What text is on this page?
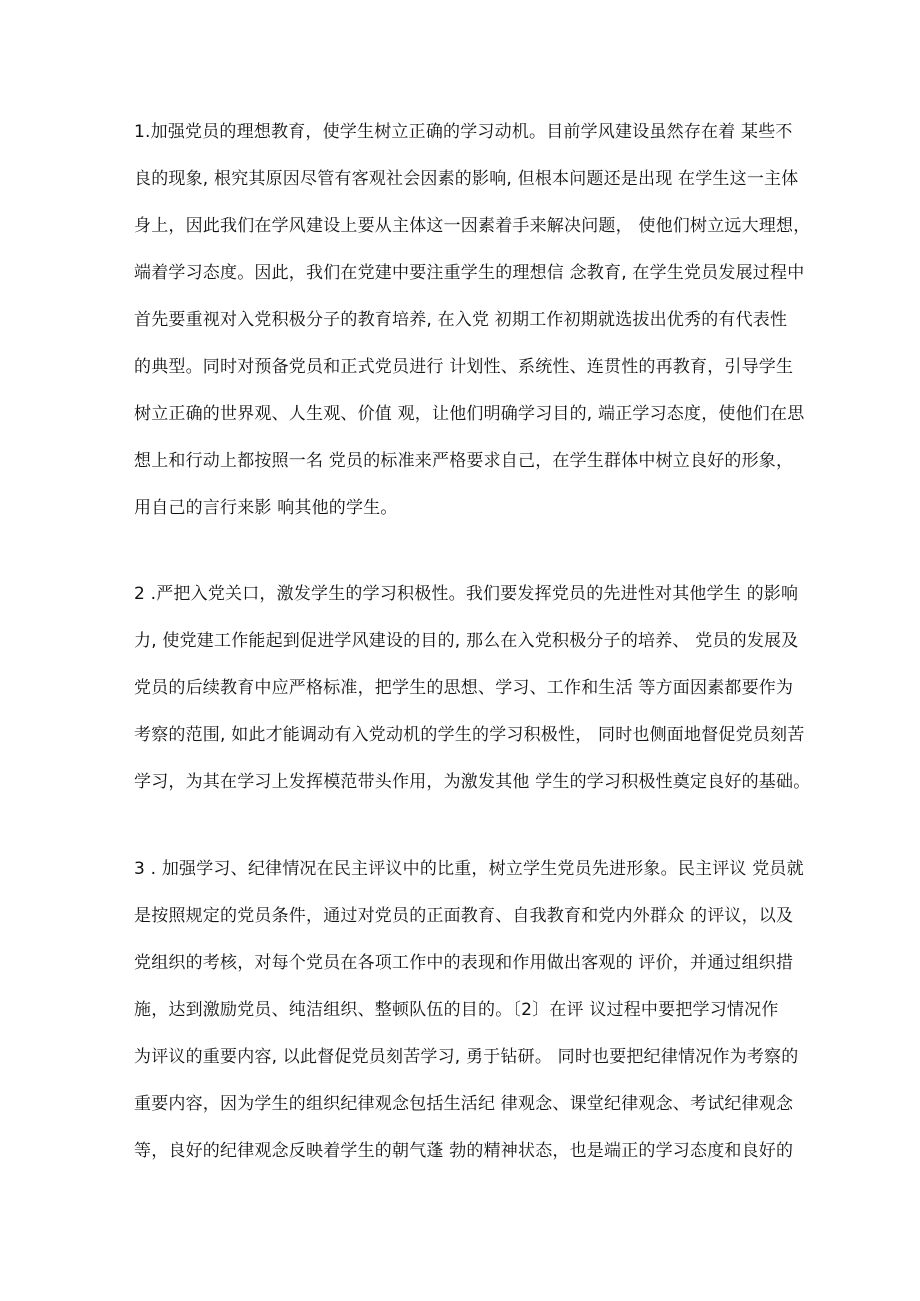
1.加强党员的理想教育，使学生树立正确的学习动机。目前学风建设虽然存在着 某些不
良的现象, 根究其原因尽管有客观社会因素的影响, 但根本问题还是出现 在学生这一主体
身上，因此我们在学风建设上要从主体这一因素着手来解决问题， 使他们树立远大理想，
端着学习态度。因此，我们在党建中要注重学生的理想信 念教育, 在学生党员发展过程中
首先要重视对入党积极分子的教育培养, 在入党 初期工作初期就选拔出优秀的有代表性
的典型。同时对预备党员和正式党员进行 计划性、系统性、连贯性的再教育，引导学生
树立正确的世界观、人生观、价值 观，让他们明确学习目的, 端正学习态度，使他们在思
想上和行动上都按照一名 党员的标准来严格要求自己，在学生群体中树立良好的形象，
用自己的言行来影 响其他的学生。
2 .严把入党关口，激发学生的学习积极性。我们要发挥党员的先进性对其他学生 的影响
力, 使党建工作能起到促进学风建设的目的, 那么在入党积极分子的培养、 党员的发展及
党员的后续教育中应严格标准，把学生的思想、学习、工作和生活 等方面因素都要作为
考察的范围, 如此才能调动有入党动机的学生的学习积极性， 同时也侧面地督促党员刻苦
学习，为其在学习上发挥模范带头作用，为激发其他 学生的学习积极性奠定良好的基础。
3 . 加强学习、纪律情况在民主评议中的比重，树立学生党员先进形象。民主评议 党员就
是按照规定的党员条件，通过对党员的正面教育、自我教育和党内外群众 的评议，以及
党组织的考核，对每个党员在各项工作中的表现和作用做出客观的 评价，并通过组织措
施，达到激励党员、纯洁组织、整顿队伍的目的。〔2〕在评 议过程中要把学习情况作
为评议的重要内容, 以此督促党员刻苦学习, 勇于钻研。 同时也要把纪律情况作为考察的
重要内容，因为学生的组织纪律观念包括生活纪 律观念、课堂纪律观念、考试纪律观念
等，良好的纪律观念反映着学生的朝气蓬 勃的精神状态，也是端正的学习态度和良好的
